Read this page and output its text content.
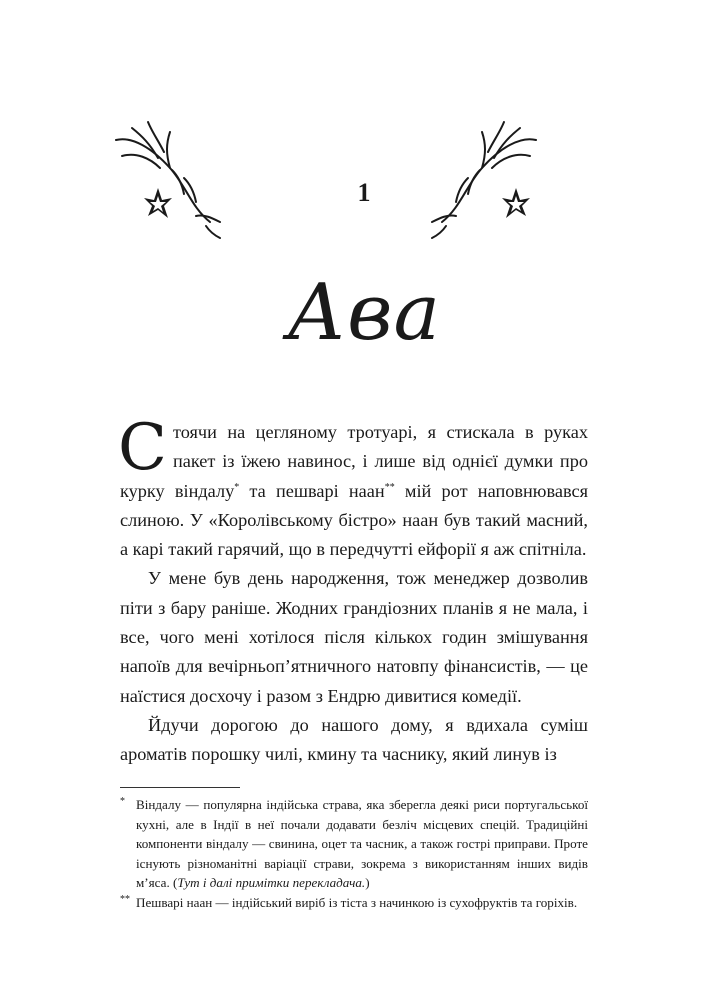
1
Ава

Стоячи на цегляному тротуарі, я стискала в руках пакет із їжею навинос, і лише від однієї думки про курку віндалу* та пешварі наан** мій рот наповнювався слиною. У «Королівському бістро» наан був такий масний, а карі такий гарячий, що в передчутті ейфорії я аж спітніла.

У мене був день народження, тож менеджер дозволив піти з бару раніше. Жодних грандіозних планів я не мала, і все, чого мені хотілося після кількох годин змішування напоїв для вечірньоп’ятничного натовпу фінансистів, — це наїстися досхочу і разом з Ендрю дивитися комедії.

Йдучи дорогою до нашого дому, я вдихала суміш ароматів порошку чилі, кмину та часнику, який линув із

* Віндалу — популярна індійська страва, яка зберегла деякі риси португальської кухні, але в Індії в неї почали додавати безліч місцевих спецій. Традиційні компоненти віндалу — свинина, оцет та часник, а також гострі приправи. Проте існують різноманітні варіації страви, зокрема з використанням інших видів м’яса. (Тут і далі примітки перекладача.)
** Пешварі наан — індійський виріб із тіста з начинкою із сухофруктів та горіхів.
